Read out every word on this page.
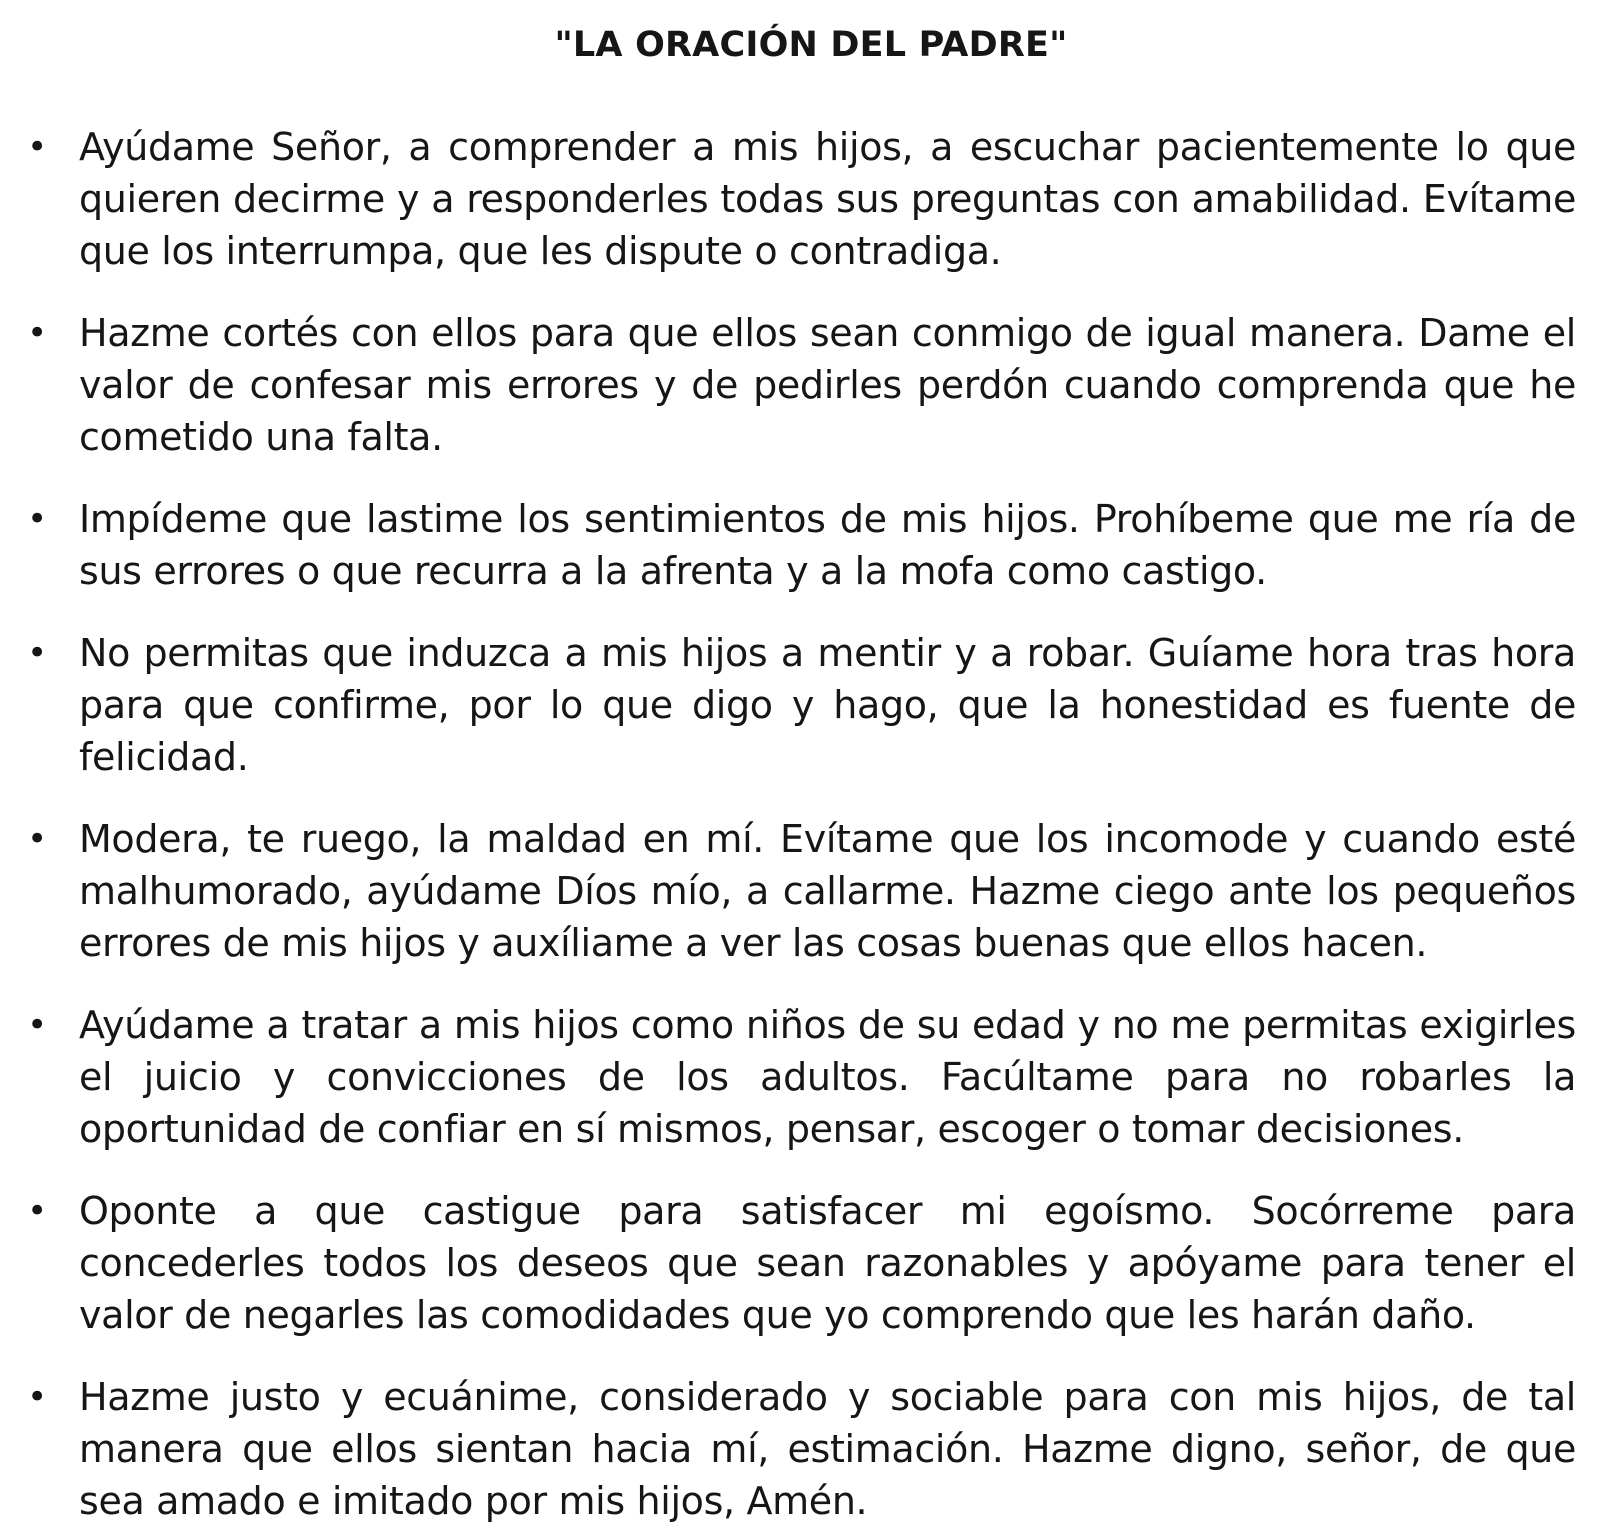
"LA ORACIÓN DEL PADRE"
• Ayúdame Señor, a comprender a mis hijos, a escuchar pacientemente lo que quieren decirme y a responderles todas sus preguntas con amabilidad. Evítame que los interrumpa, que les dispute o contradiga.
• Hazme cortés con ellos para que ellos sean conmigo de igual manera. Dame el valor de confesar mis errores y de pedirles perdón cuando comprenda que he cometido una falta.
• Impídeme que lastime los sentimientos de mis hijos. Prohíbeme que me ría de sus errores o que recurra a la afrenta y a la mofa como castigo.
• No permitas que induzca a mis hijos a mentir y a robar. Guíame hora tras hora para que confirme, por lo que digo y hago, que la honestidad es fuente de felicidad.
• Modera, te ruego, la maldad en mí. Evítame que los incomode y cuando esté malhumorado, ayúdame Díos mío, a callarme. Hazme ciego ante los pequeños errores de mis hijos y auxíliame a ver las cosas buenas que ellos hacen.
• Ayúdame a tratar a mis hijos como niños de su edad y no me permitas exigirles el juicio y convicciones de los adultos. Facúltame para no robarles la oportunidad de confiar en sí mismos, pensar, escoger o tomar decisiones.
• Oponte a que castigue para satisfacer mi egoísmo. Socórreme para concederles todos los deseos que sean razonables y apóyame para tener el valor de negarles las comodidades que yo comprendo que les harán daño.
• Hazme justo y ecuánime, considerado y sociable para con mis hijos, de tal manera que ellos sientan hacia mí, estimación. Hazme digno, señor, de que sea amado e imitado por mis hijos, Amén.
